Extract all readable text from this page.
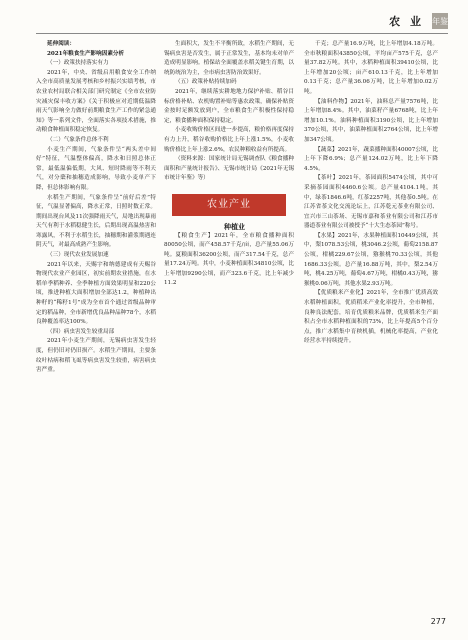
农 业 年鉴

延伸阅读：

2021年粮食生产影响因素分析

（一）政策扶持落实有力

2021年，中央、省级启用粮食安全工作纳入全市高质量发展考核和乡村振兴实绩考核，市农业农村局联合相关部门研究制定《全市农业防灾减灾保丰收方案》《关于积极应对近期低温降雨天气影响全力做好前期粮食生产工作的紧急通知》等一系列文件，全面落实各项技术措施，推动粮食种植面积稳定恢复。

（二）气象条件总体不利

小麦生产期间，气象条件呈“两头差中间好”特征，气温整体偏高，降水和日照总体正常，最低温偏低期，大风、短时降雨等不利天气，对分蘖和抽穗造成影响，导致小麦单产下降，但总体影响有限。

水稻生产期间，气象条件呈“前好后差”特征，气温显著偏高，降水正常，日照时数正常。期间出现台风及11次强降雨天气，局地出现暴雨天气有利于水稻稳健生长，后期出现高温热害和寒露风，不利于水稻生长，抽穗期和灌浆期遇连阴天气，对最高成熟产生影响。

（三）现代农业发展加速

2021年以来，天赐宇和纳德建成有天赐谷物现代农业产业园区，初实前期农业措施，在水稻单季稻种养、全季种植方面效果明显和220公顷，推进种植大面积增加全部达1.2，种植种出种籽的“稀籽1号”成为全市首个通过省级品种审定的稻品种，全市新增优良品种品种78个，水稻良种覆盖率达100%。

（四）病虫害发生较重局部

2021年小麦生产期间，无锡病虫害发生轻度，但仍旧对仍旧损产。水稻生产期间，主要条纹叶枯病和稻飞虱等病虫害发生较重，病害病虫害严重。

生面积大，发生不平衡所致，水稻生产期间，无锡病虫害是否发生，属于正常发生，基本均未对单产造成明显影响。植保站全面覆盖水稻关键生育期，以统防统治为主，全市病虫害防治效果好。

（五）政策补贴持续加码

2021年，继续落实耕地地力保护补贴、稻谷目标价格补贴、农机购置补贴等惠农政策，确保补贴资金按时足额发放到户，全市粮食生产积极性保持稳定，粮食播种面积保持稳定。

小麦收购价格区间进一步提高，粮价格再度保持有力上升，稻谷收购价格比上年上涨1.5%，小麦收购价格比上年上涨2.6%，农民种粮收益有所提高。

（资料来源：国家统计局无锡调查队《粮食播种面积和产量统计报告》、无锡市统计局《2021年无锡市统计年鉴》等）

农业产业

种植业

【粮食生产】2021年，全市粮食播种面积80050公顷，而产458.57千克/亩，总产量55.06万吨。夏粮面积36200公顷，而产317.54千克，总产量17.24万吨。其中，小麦种植面积34810公顷，比上年增加9290公顷，而产323.6千克，比上年减少11.2

千克；总产量16.9万吨，比上年增加4.18万吨。全市秋粮面积43850公顷，平均亩产575千克，总产量37.82万吨。其中，水稻种植面积39410公顷，比上年增加20公顷；亩产610.13千克，比上年增加0.13千克；总产量36.06万吨，比上年增加0.02万吨。

【油料作物】2021年，油料总产量7576吨，比上年增加8.4%。其中，油菜籽产量6768吨，比上年增加10.1%。油料种植面积3190公顷，比上年增加370公顷，其中，油菜种植面积2764公顷，比上年增加347公顷。

【蔬菜】2021年，蔬菜播种面积40007公顷，比上年下降6.9%；总产量124.02万吨，比上年下降4.5%。

【茶叶】2021年，茶园面积5474公顷，其中可采摘茶园面积4460.6公顷。总产量4104.1吨，其中，绿茶1846.6吨，红茶2257吨，其他茶0.5吨。在江苏省茶文化交流论坛上，江苏乾元茶业有限公司、宜兴市三山茶场、无锡市嘉和茶业有限公司和江苏市器道茶业有限公司被授予“十大生态茶园”称号。

【水果】2021年，水果种植面积10449公顷，其中，梨1078.53公顷，桃3046.2公顷，葡萄2158.87公顷，柑橘229.67公顷，猕猴桃70.33公顷，其他1686.33公顷。总产量16.88万吨，其中，梨2.54万吨，桃4.25万吨，葡萄4.67万吨，柑橘0.43万吨，猕猴桃0.06万吨，其他水果2.93万吨。

【优质粮米产业化】2021年，全市推广优质高效水稻种植面积，优质稻米产业化率提升，全市种植，良种良法配套，培育优质粮米品牌，优质稻米生产面积占全市水稻种植面积的73%，比上年提高5个百分点，推广水稻集中育秧机插，机械化率提高，产业化经营水平持续提升。

277
